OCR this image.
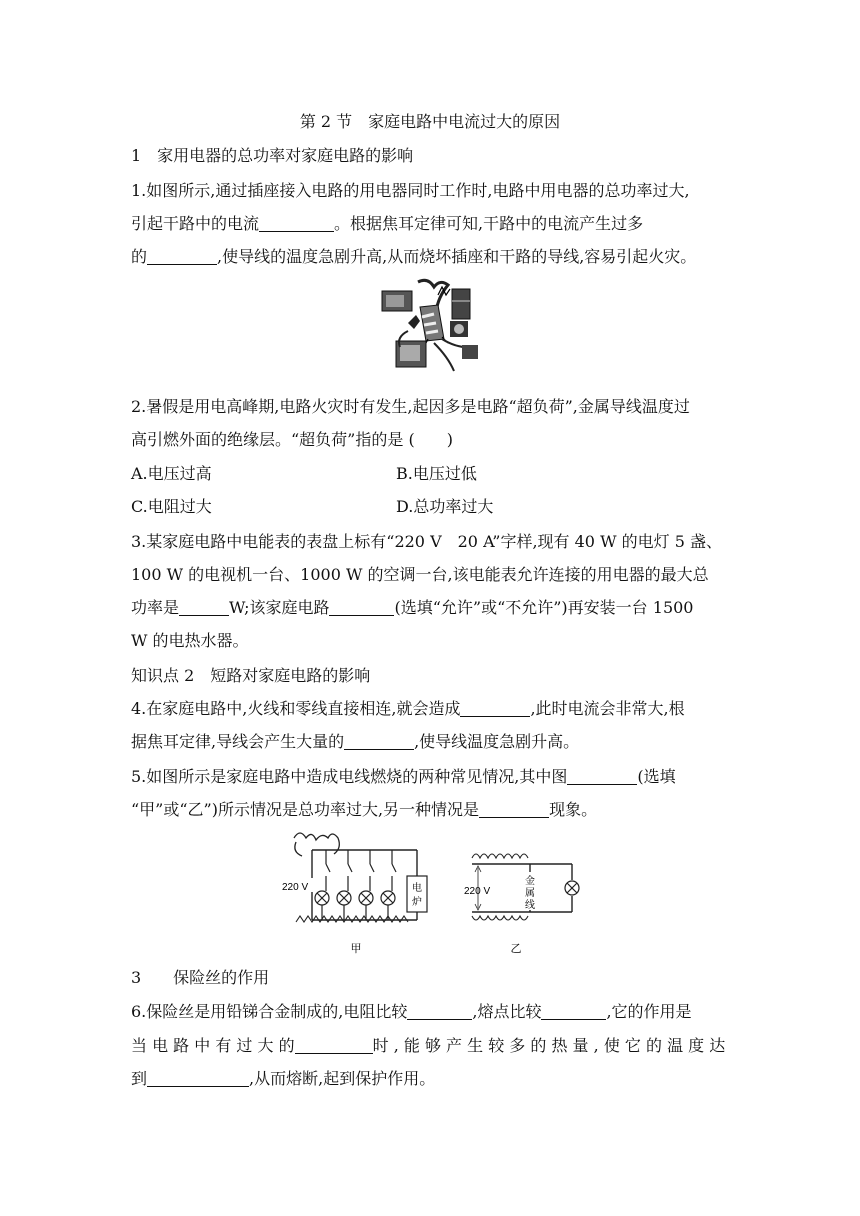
第 2 节　家庭电路中电流过大的原因
1　家用电器的总功率对家庭电路的影响
1.如图所示,通过插座接入电路的用电器同时工作时,电路中用电器的总功率过大,
引起干路中的电流	。根据焦耳定律可知,干路中的电流产生过多
的	,使导线的温度急剧升高,从而烧坏插座和干路的导线,容易引起火灾。
2.暑假是用电高峰期,电路火灾时有发生,起因多是电路“超负荷”,金属导线温度过
高引燃外面的绝缘层。“超负荷”指的是 (　　)
A.电压过高	B.电压过低
C.电阻过大	D.总功率过大
3.某家庭电路中电能表的表盘上标有“220 V　20 A”字样,现有 40 W 的电灯 5 盏、
100 W 的电视机一台、1000 W 的空调一台,该电能表允许连接的用电器的最大总
功率是	W;该家庭电路	(选填“允许”或“不允许”)再安装一台 1500
W 的电热水器。
知识点 2　短路对家庭电路的影响
4.在家庭电路中,火线和零线直接相连,就会造成	,此时电流会非常大,根
据焦耳定律,导线会产生大量的	,使导线温度急剧升高。
5.如图所示是家庭电路中造成电线燃烧的两种常见情况,其中图	(选填
“甲”或“乙”)所示情况是总功率过大,另一种情况是	现象。
电
炉
220 V
甲
金
属
线
220 V
乙
3　　保险丝的作用
6.保险丝是用铅锑合金制成的,电阻比较	,熔点比较	,它的作用是
当 电 路 中 有 过 大 的	时 , 能 够 产 生 较 多 的 热 量 , 使 它 的 温 度 达
到	,从而熔断,起到保护作用。
